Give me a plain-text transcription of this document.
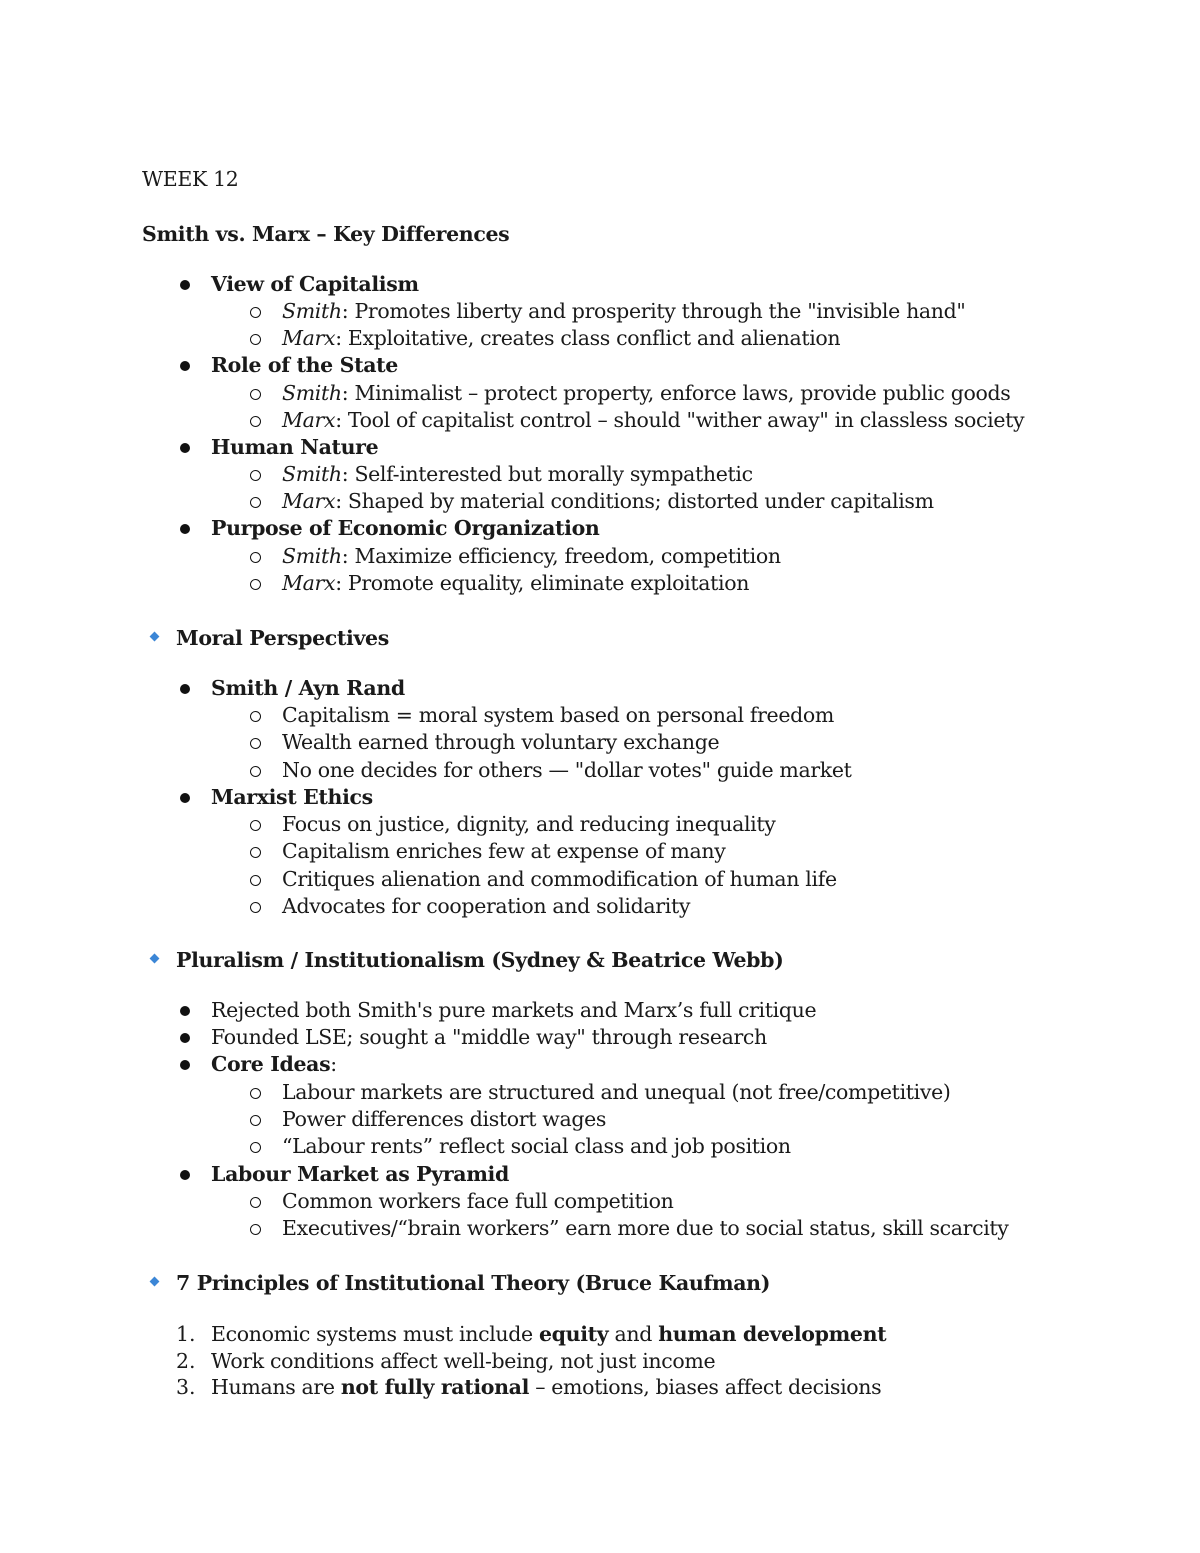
WEEK 12
Smith vs. Marx – Key Differences
View of Capitalism
Smith: Promotes liberty and prosperity through the "invisible hand"
Marx: Exploitative, creates class conflict and alienation
Role of the State
Smith: Minimalist – protect property, enforce laws, provide public goods
Marx: Tool of capitalist control – should "wither away" in classless society
Human Nature
Smith: Self-interested but morally sympathetic
Marx: Shaped by material conditions; distorted under capitalism
Purpose of Economic Organization
Smith: Maximize efficiency, freedom, competition
Marx: Promote equality, eliminate exploitation
Moral Perspectives
Smith / Ayn Rand
Capitalism = moral system based on personal freedom
Wealth earned through voluntary exchange
No one decides for others — "dollar votes" guide market
Marxist Ethics
Focus on justice, dignity, and reducing inequality
Capitalism enriches few at expense of many
Critiques alienation and commodification of human life
Advocates for cooperation and solidarity
Pluralism / Institutionalism (Sydney & Beatrice Webb)
Rejected both Smith's pure markets and Marx’s full critique
Founded LSE; sought a "middle way" through research
Core Ideas:
Labour markets are structured and unequal (not free/competitive)
Power differences distort wages
“Labour rents” reflect social class and job position
Labour Market as Pyramid
Common workers face full competition
Executives/“brain workers” earn more due to social status, skill scarcity
7 Principles of Institutional Theory (Bruce Kaufman)
1. Economic systems must include equity and human development
2. Work conditions affect well-being, not just income
3. Humans are not fully rational – emotions, biases affect decisions
